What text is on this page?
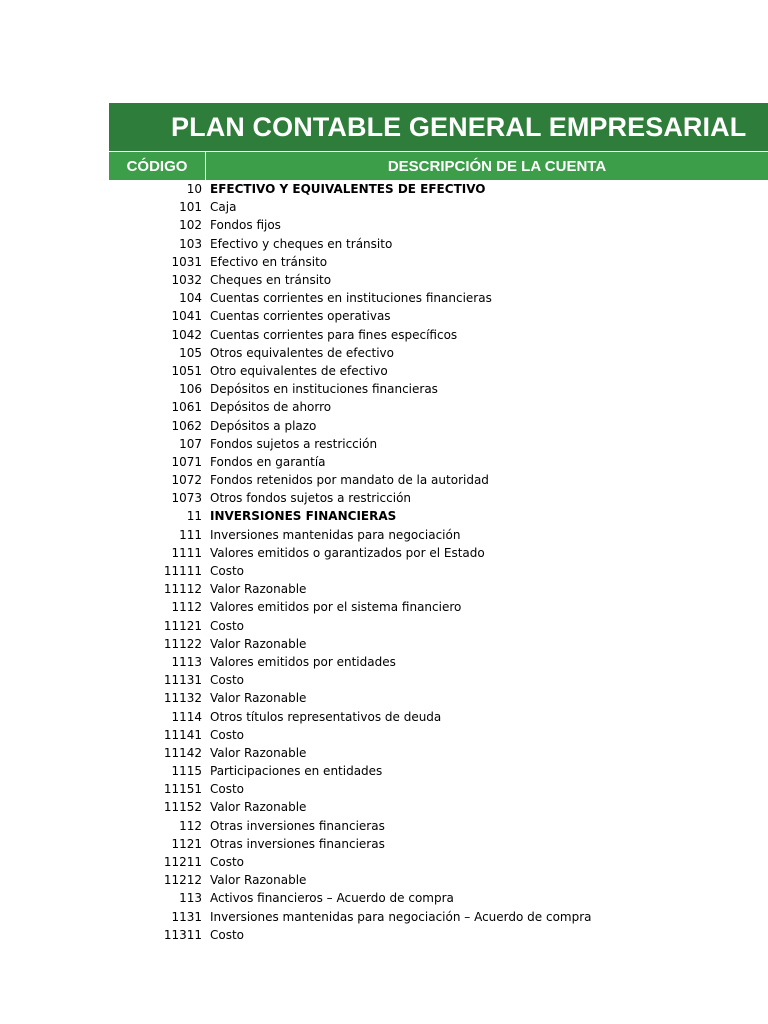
PLAN CONTABLE GENERAL EMPRESARIAL
CÓDIGO	DESCRIPCIÓN DE LA CUENTA
10 EFECTIVO Y EQUIVALENTES DE EFECTIVO
101 Caja
102 Fondos fijos
103 Efectivo y cheques en tránsito
1031 Efectivo en tránsito
1032 Cheques en tránsito
104 Cuentas corrientes en instituciones financieras
1041 Cuentas corrientes operativas
1042 Cuentas corrientes para fines específicos
105 Otros equivalentes de efectivo
1051 Otro equivalentes de efectivo
106 Depósitos en instituciones financieras
1061 Depósitos de ahorro
1062 Depósitos a plazo
107 Fondos sujetos a restricción
1071 Fondos en garantía
1072 Fondos retenidos por mandato de la autoridad
1073 Otros fondos sujetos a restricción
11 INVERSIONES FINANCIERAS
111 Inversiones mantenidas para negociación
1111 Valores emitidos o garantizados por el Estado
11111 Costo
11112 Valor Razonable
1112 Valores emitidos por el sistema financiero
11121 Costo
11122 Valor Razonable
1113 Valores emitidos por entidades
11131 Costo
11132 Valor Razonable
1114 Otros títulos representativos de deuda
11141 Costo
11142 Valor Razonable
1115 Participaciones en entidades
11151 Costo
11152 Valor Razonable
112 Otras inversiones financieras
1121 Otras inversiones financieras
11211 Costo
11212 Valor Razonable
113 Activos financieros – Acuerdo de compra
1131 Inversiones mantenidas para negociación – Acuerdo de compra
11311 Costo
